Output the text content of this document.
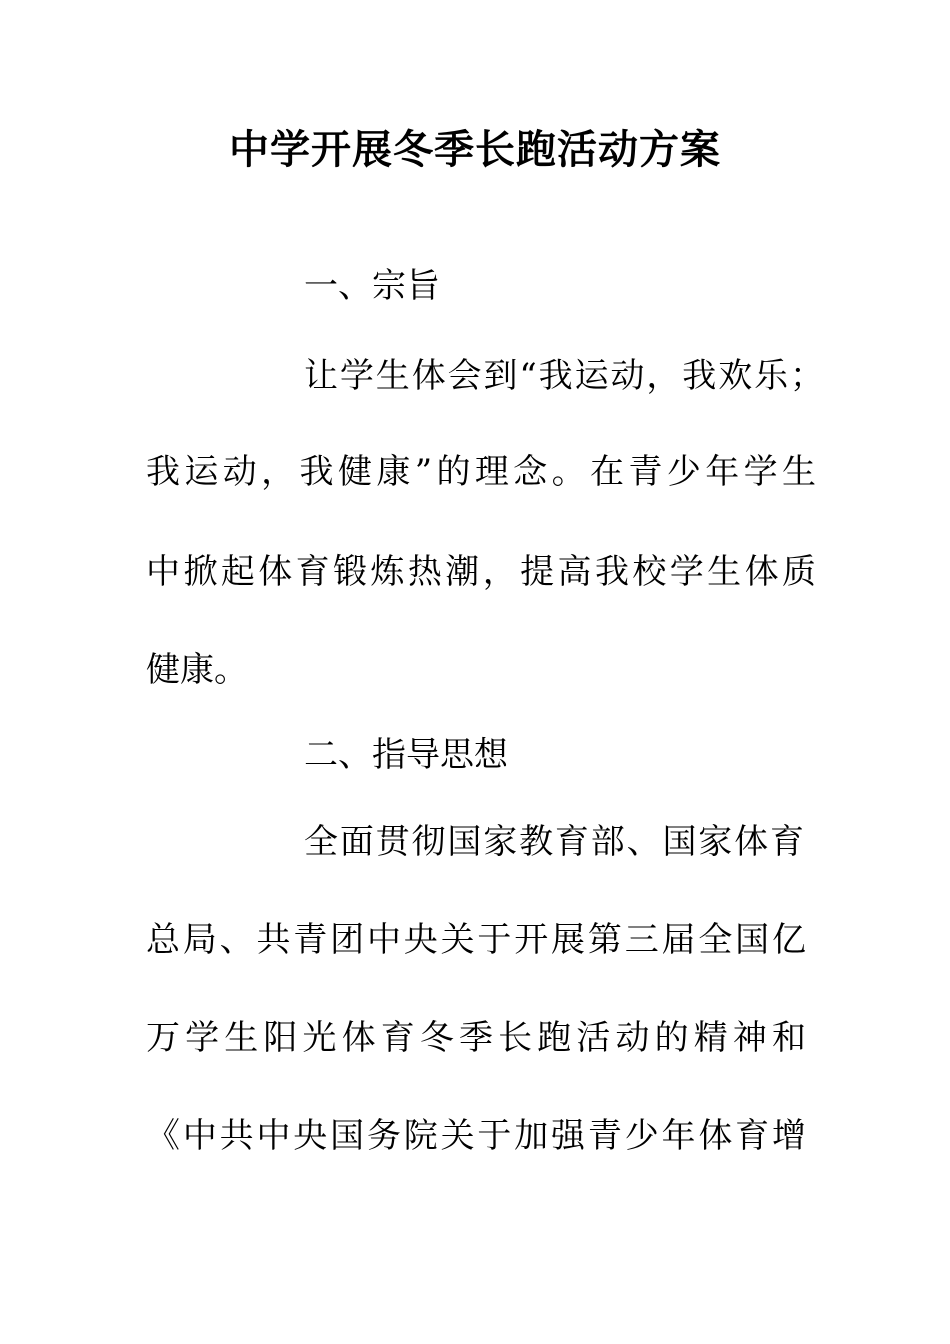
中学开展冬季长跑活动方案

一、宗旨

让学生体会到“我运动，我欢乐；

我运动，我健康”的理念。在青少年学生

中掀起体育锻炼热潮，提高我校学生体质

健康。

二、指导思想

全面贯彻国家教育部、国家体育

总局、共青团中央关于开展第三届全国亿

万学生阳光体育冬季长跑活动的精神和

《中共中央国务院关于加强青少年体育增
